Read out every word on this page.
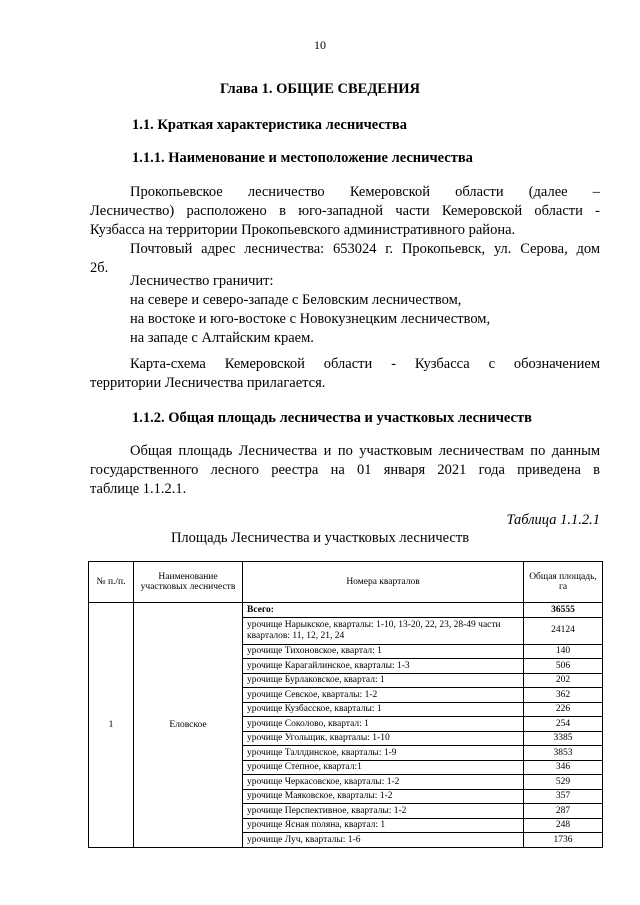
10
Глава 1. ОБЩИЕ СВЕДЕНИЯ
1.1. Краткая характеристика лесничества
1.1.1. Наименование и местоположение лесничества
Прокопьевское лесничество Кемеровской области (далее –
Лесничество) расположено в юго-западной части Кемеровской области -
Кузбасса на территории Прокопьевского административного района.
Почтовый адрес лесничества: 653024 г. Прокопьевск, ул. Серова, дом
2б.
Лесничество граничит:
на севере и северо-западе с Беловским лесничеством,
на востоке и юго-востоке с Новокузнецким лесничеством,
на западе с Алтайским краем.
Карта-схема Кемеровской области - Кузбасса с обозначением
территории Лесничества прилагается.
1.1.2. Общая площадь лесничества и участковых лесничеств
Общая площадь Лесничества и по участковым лесничествам по данным
государственного лесного реестра на 01 января 2021 года приведена в
таблице 1.1.2.1.
Таблица 1.1.2.1
Площадь Лесничества и участковых лесничеств
№ п./п.	Наименование участковых лесничеств	Номера кварталов	Общая площадь, га
1	Еловское	Всего:	36555
		урочище Нарыкское, кварталы: 1-10, 13-20, 22, 23, 28-49 части кварталов: 11, 12, 21, 24	24124
		урочище Тихоновское, квартал: 1	140
		урочище Карагайлинское, кварталы: 1-3	506
		урочище Бурлаковское, квартал: 1	202
		урочище Севское, кварталы: 1-2	362
		урочище Кузбасское, кварталы: 1	226
		урочище Соколово, квартал: 1	254
		урочище Угольщик, кварталы: 1-10	3385
		урочище Таллдинское, кварталы: 1-9	3853
		урочище Степное, квартал:1	346
		урочище Черкасовское, кварталы: 1-2	529
		урочище Маяковское, кварталы: 1-2	357
		урочище Перспективное, кварталы: 1-2	287
		урочище Ясная поляна, квартал: 1	248
		урочище Луч, кварталы: 1-6	1736
